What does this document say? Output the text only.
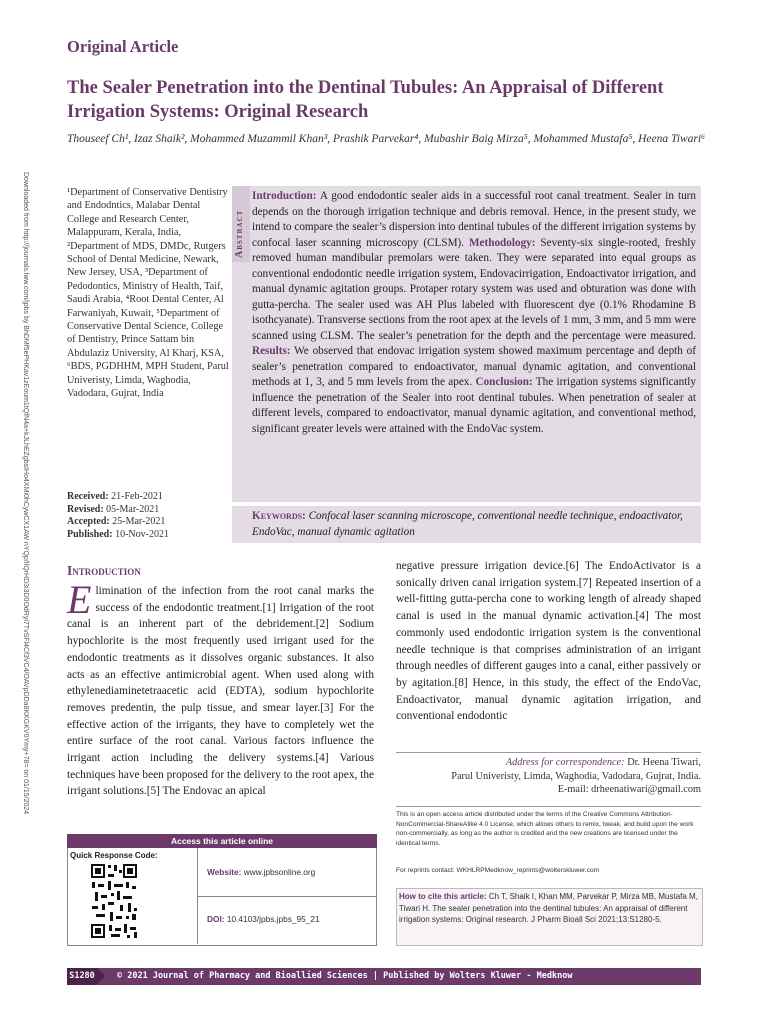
Original Article
The Sealer Penetration into the Dentinal Tubules: An Appraisal of Different Irrigation Systems: Original Research
Thouseef Ch¹, Izaz Shaik², Mohammed Muzammil Khan³, Prashik Parvekar⁴, Mubashir Baig Mirza⁵, Mohammed Mustafa⁵, Heena Tiwari⁶
Downloaded from http://journals.lww.com/jpbs by BhDMf5ePHKav1zEoum1tQfN4a+kJLhEZgbsIHo4XMi0hCywCX1AW nYQp/IlQrHD3i3D0OdRyi7TvSFl4Cf3VC4/OAVpDDa8KKGKV0Ymy+78= on 01/15/2024	¹Department of Conservative Dentistry and Endodntics, Malabar Dental College and Research Center, Malappuram, Kerala, India, ²Department of MDS, DMDc, Rutgers School of Dental Medicine, Newark, New Jersey, USA, ³Department of Pedodontics, Ministry of Health, Taif, Saudi Arabia, ⁴Root Dental Center, Al Farwaniyah, Kuwait, ⁵Department of Conservative Dental Science, College of Dentistry, Prince Sattam bin Abdulaziz University, Al Kharj, KSA, ⁶BDS, PGDHHM, MPH Student, Parul Univeristy, Limda, Waghodia, Vadodara, Gujrat, India
Received: 21-Feb-2021
Revised: 05-Mar-2021
Accepted: 25-Mar-2021
Published: 10-Nov-2021
Abstract
Introduction: A good endodontic sealer aids in a successful root canal treatment. Sealer in turn depends on the thorough irrigation technique and debris removal. Hence, in the present study, we intend to compare the sealer’s dispersion into dentinal tubules of the different irrigation systems by confocal laser scanning microscopy (CLSM). Methodology: Seventy-six single-rooted, freshly removed human mandibular premolars were taken. They were separated into equal groups as conventional endodontic needle irrigation system, Endovacirrigation, Endoactivator irrigation, and manual dynamic agitation groups. Protaper rotary system was used and obturation was done with gutta-percha. The sealer used was AH Plus labeled with fluorescent dye (0.1% Rhodamine B isothcyanate). Transverse sections from the root apex at the levels of 1 mm, 3 mm, and 5 mm were scanned using CLSM. The sealer’s penetration for the depth and the percentage were measured. Results: We observed that endovac irrigation system showed maximum percentage and depth of sealer’s penetration compared to endoactivator, manual dynamic agitation, and conventional methods at 1, 3, and 5 mm levels from the apex. Conclusion: The irrigation systems significantly influence the penetration of the Sealer into root dentinal tubules. When penetration of sealer at different levels, compared to endoactivator, manual dynamic agitation, and conventional method, significant greater levels were attained with the EndoVac system.
Keywords: Confocal laser scanning microscope, conventional needle technique, endoactivator, EndoVac, manual dynamic agitation
Introduction
Elimination of the infection from the root canal marks the success of the endodontic treatment.[1] Irrigation of the root canal is an inherent part of the debridement.[2] Sodium hypochlorite is the most frequently used irrigant used for the endodontic treatments as it dissolves organic substances. It also acts as an effective antimicrobial agent. When used along with ethylenediaminetetraacetic acid (EDTA), sodium hypochlorite removes predentin, the pulp tissue, and smear layer.[3] For the effective action of the irrigants, they have to completely wet the entire surface of the root canal. Various factors influence the irrigant action including the delivery systems.[4] Various techniques have been proposed for the delivery to the root apex, the irrigant solutions.[5] The Endovac an apical
negative pressure irrigation device.[6] The EndoActivator is a sonically driven canal irrigation system.[7] Repeated insertion of a well-fitting gutta-percha cone to working length of already shaped canal is used in the manual dynamic activation.[4] The most commonly used endodontic irrigation system is the conventional needle technique is that comprises administration of an irrigant through needles of different gauges into a canal, either passively or by agitation.[8] Hence, in this study, the effect of the EndoVac, Endoactivator, manual dynamic agitation irrigation, and conventional endodontic
Address for correspondence: Dr. Heena Tiwari,
Parul Univeristy, Limda, Waghodia, Vadodara, Gujrat, India.
E-mail: drheenatiwari@gmail.com
This is an open access article distributed under the terms of the Creative Commons Attribution-NonCommercial-ShareAlike 4.0 License, which allows others to remix, tweak, and build upon the work non-commercially, as long as the author is credited and the new creations are licensed under the identical terms.
For reprints contact: WKHLRPMedknow_reprints@wolterskluwer.com
How to cite this article: Ch T, Shaik I, Khan MM, Parvekar P, Mirza MB, Mustafa M, Tiwari H. The sealer penetration into the dentinal tubules: An appraisal of different irrigation systems: Original research. J Pharm Bioall Sci 2021;13:S1280-5.
Access this article online
Quick Response Code:
Website: www.jpbsonline.org
DOI: 10.4103/jpbs.jpbs_95_21
S1280	© 2021 Journal of Pharmacy and Bioallied Sciences | Published by Wolters Kluwer - Medknow
